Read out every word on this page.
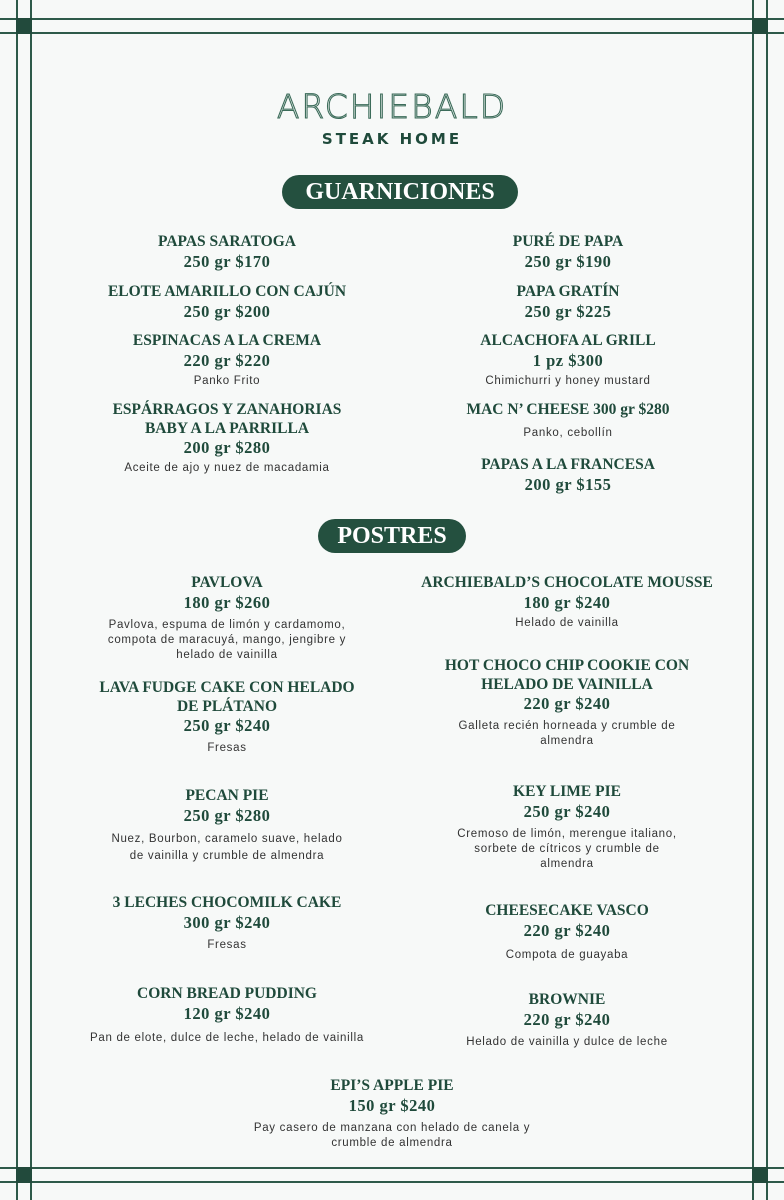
ARCHIEBALD
STEAK HOME
GUARNICIONES
PAPAS SARATOGA
250 gr $170
ELOTE AMARILLO CON CAJÚN
250 gr $200
ESPINACAS A LA CREMA
220 gr $220
Panko Frito
ESPÁRRAGOS Y ZANAHORIAS
BABY A LA PARRILLA
200 gr $280
Aceite de ajo y nuez de macadamia
PURÉ DE PAPA
250 gr $190
PAPA GRATÍN
250 gr $225
ALCACHOFA AL GRILL
1 pz $300
Chimichurri y honey mustard
MAC N’ CHEESE 300 gr $280
Panko, cebollín
PAPAS A LA FRANCESA
200 gr $155
POSTRES
PAVLOVA
180 gr $260
Pavlova, espuma de limón y cardamomo,
compota de maracuyá, mango, jengibre y
helado de vainilla
LAVA FUDGE CAKE CON HELADO
DE PLÁTANO
250 gr $240
Fresas
PECAN PIE
250 gr $280
Nuez, Bourbon, caramelo suave, helado
de vainilla y crumble de almendra
3 LECHES CHOCOMILK CAKE
300 gr $240
Fresas
CORN BREAD PUDDING
120 gr $240
Pan de elote, dulce de leche, helado de vainilla
ARCHIEBALD’S CHOCOLATE MOUSSE
180 gr $240
Helado de vainilla
HOT CHOCO CHIP COOKIE CON
HELADO DE VAINILLA
220 gr $240
Galleta recién horneada y crumble de
almendra
KEY LIME PIE
250 gr $240
Cremoso de limón, merengue italiano,
sorbete de cítricos y crumble de
almendra
CHEESECAKE VASCO
220 gr $240
Compota de guayaba
BROWNIE
220 gr $240
Helado de vainilla y dulce de leche
EPI’S APPLE PIE
150 gr $240
Pay casero de manzana con helado de canela y
crumble de almendra
